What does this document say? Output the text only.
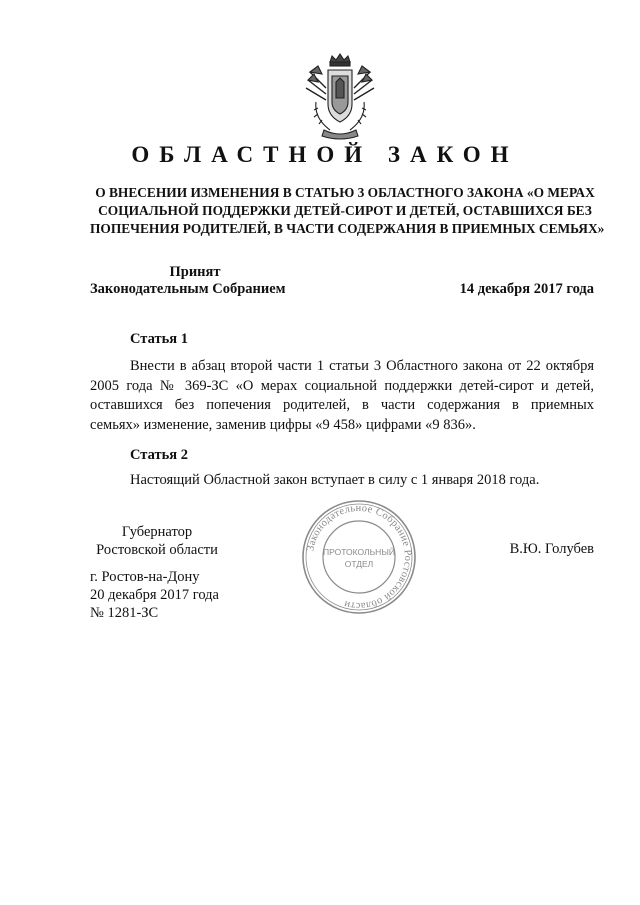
ОБЛАСТНОЙ ЗАКОН
О ВНЕСЕНИИ ИЗМЕНЕНИЯ В СТАТЬЮ 3 ОБЛАСТНОГО ЗАКОНА «О МЕРАХ
СОЦИАЛЬНОЙ ПОДДЕРЖКИ ДЕТЕЙ-СИРОТ И ДЕТЕЙ, ОСТАВШИХСЯ БЕЗ
ПОПЕЧЕНИЯ РОДИТЕЛЕЙ, В ЧАСТИ СОДЕРЖАНИЯ В ПРИЕМНЫХ СЕМЬЯХ»
Принят
Законодательным Собранием	14 декабря 2017 года
Статья 1
Внести в абзац второй части 1 статьи 3 Областного закона от 22 октября
2005 года № 369-ЗС «О мерах социальной поддержки детей-сирот и детей,
оставшихся без попечения родителей, в части содержания в приемных
семьях» изменение, заменив цифры «9 458» цифрами «9 836».
Статья 2
Настоящий Областной закон вступает в силу с 1 января 2018 года.
Губернатор
Ростовской области	В.Ю. Голубев
Законодательное Собрание Ростовской области
ПРОТОКОЛЬНЫЙ
ОТДЕЛ
г. Ростов-на-Дону
20 декабря 2017 года
№ 1281-ЗС
